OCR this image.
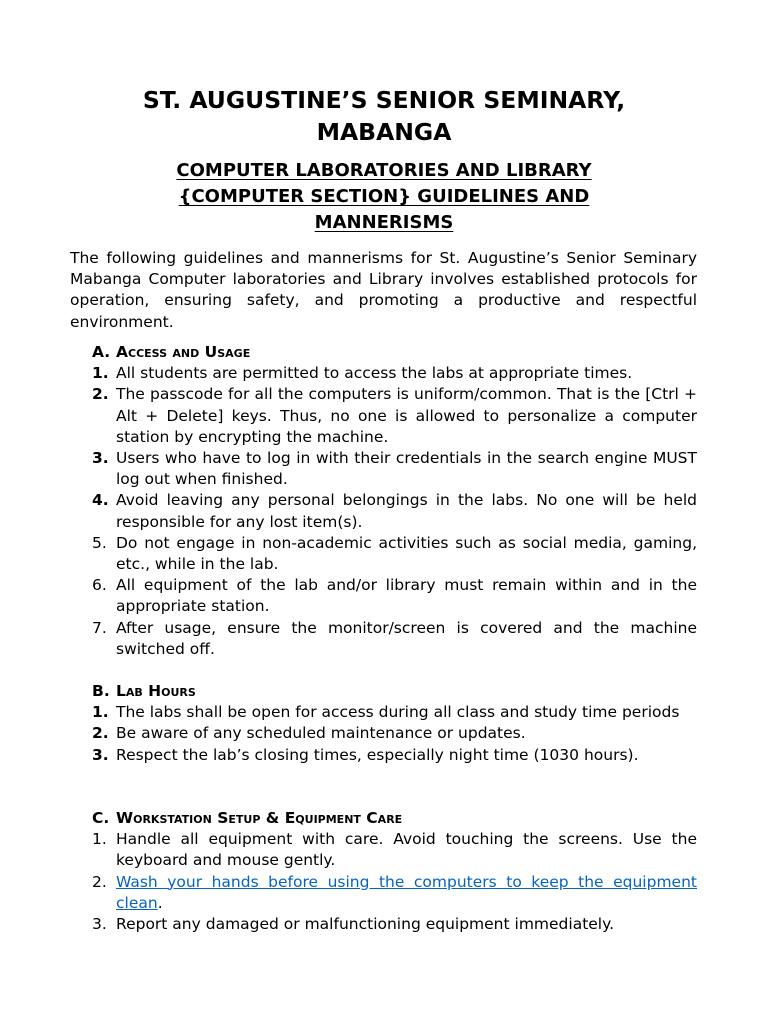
ST. AUGUSTINE’S SENIOR SEMINARY,
MABANGA
COMPUTER LABORATORIES AND LIBRARY
{COMPUTER SECTION} GUIDELINES AND
MANNERISMS
The following guidelines and mannerisms for St. Augustine’s Senior Seminary Mabanga Computer laboratories and Library involves established protocols for operation, ensuring safety, and promoting a productive and respectful environment.
A. Access and Usage
1. All students are permitted to access the labs at appropriate times.
2. The passcode for all the computers is uniform/common. That is the [Ctrl + Alt + Delete] keys. Thus, no one is allowed to personalize a computer station by encrypting the machine.
3. Users who have to log in with their credentials in the search engine MUST log out when finished.
4. Avoid leaving any personal belongings in the labs. No one will be held responsible for any lost item(s).
5. Do not engage in non-academic activities such as social media, gaming, etc., while in the lab.
6. All equipment of the lab and/or library must remain within and in the appropriate station.
7. After usage, ensure the monitor/screen is covered and the machine switched off.
B. Lab Hours
1. The labs shall be open for access during all class and study time periods
2. Be aware of any scheduled maintenance or updates.
3. Respect the lab’s closing times, especially night time (1030 hours).
C. Workstation Setup & Equipment Care
1. Handle all equipment with care. Avoid touching the screens. Use the keyboard and mouse gently.
2. Wash your hands before using the computers to keep the equipment clean.
3. Report any damaged or malfunctioning equipment immediately.
